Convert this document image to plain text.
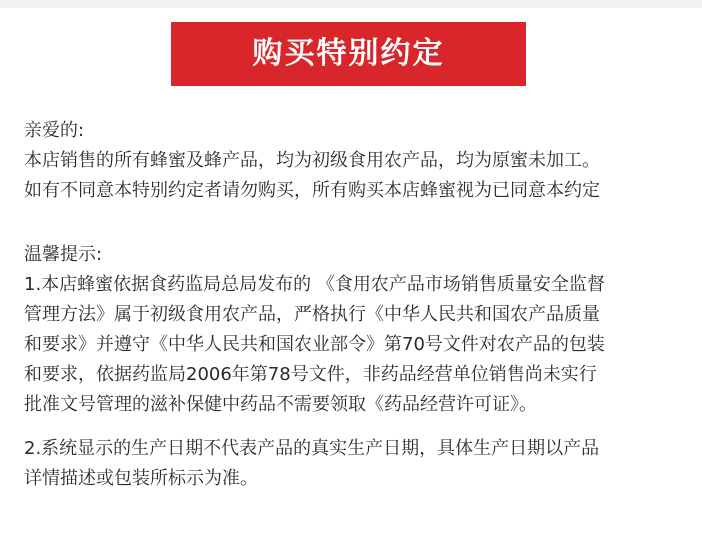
购买特别约定
亲爱的:
本店销售的所有蜂蜜及蜂产品，均为初级食用农产品，均为原蜜未加工。
如有不同意本特别约定者请勿购买，所有购买本店蜂蜜视为已同意本约定
温馨提示:
1.本店蜂蜜依据食药监局总局发布的 《食用农产品市场销售质量安全监督
管理方法》属于初级食用农产品，严格执行《中华人民共和国农产品质量
和要求》并遵守《中华人民共和国农业部令》第70号文件对农产品的包装
和要求，依据药监局2006年第78号文件，非药品经营单位销售尚未实行
批准文号管理的滋补保健中药品不需要领取《药品经营许可证》。
2.系统显示的生产日期不代表产品的真实生产日期，具体生产日期以产品
详情描述或包装所标示为准。
